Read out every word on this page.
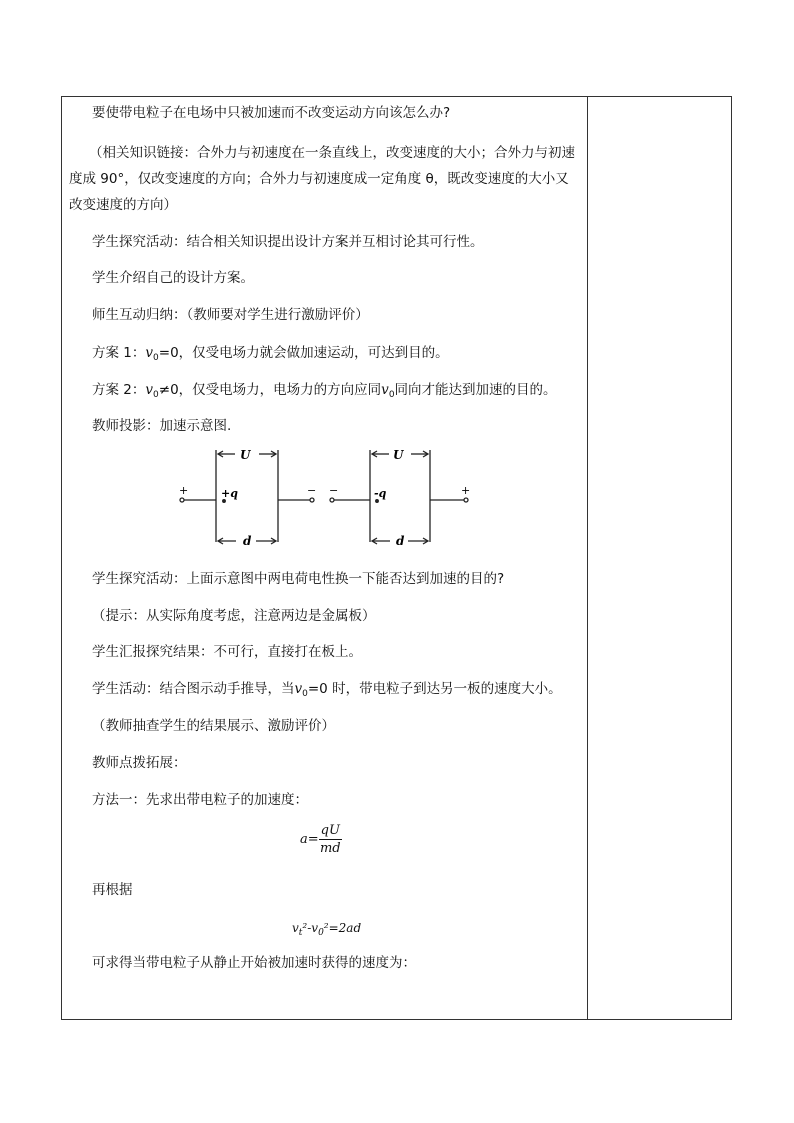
要使带电粒子在电场中只被加速而不改变运动方向该怎么办?

（相关知识链接：合外力与初速度在一条直线上，改变速度的大小；合外力与初速度成 90°，仅改变速度的方向；合外力与初速度成一定角度 θ，既改变速度的大小又改变速度的方向）

学生探究活动：结合相关知识提出设计方案并互相讨论其可行性。

学生介绍自己的设计方案。

师生互动归纳：（教师要对学生进行激励评价）

方案 1：$v_0=0$，仅受电场力就会做加速运动，可达到目的。

方案 2：$v_0\ne 0$，仅受电场力，电场力的方向应同$v_0$同向才能达到加速的目的。

教师投影：加速示意图.

学生探究活动：上面示意图中两电荷电性换一下能否达到加速的目的?

（提示：从实际角度考虑，注意两边是金属板）

学生汇报探究结果：不可行，直接打在板上。

学生活动：结合图示动手推导，当$v_0=0$ 时，带电粒子到达另一板的速度大小。

（教师抽查学生的结果展示、激励评价）

教师点拨拓展：

方法一：先求出带电粒子的加速度：

再根据

可求得当带电粒子从静止开始被加速时获得的速度为：

$a= \frac{qU}{md}$
$v_t^2-v_0^2=2ad$
U
d
+q
+	−
U
d
-q
−	+
